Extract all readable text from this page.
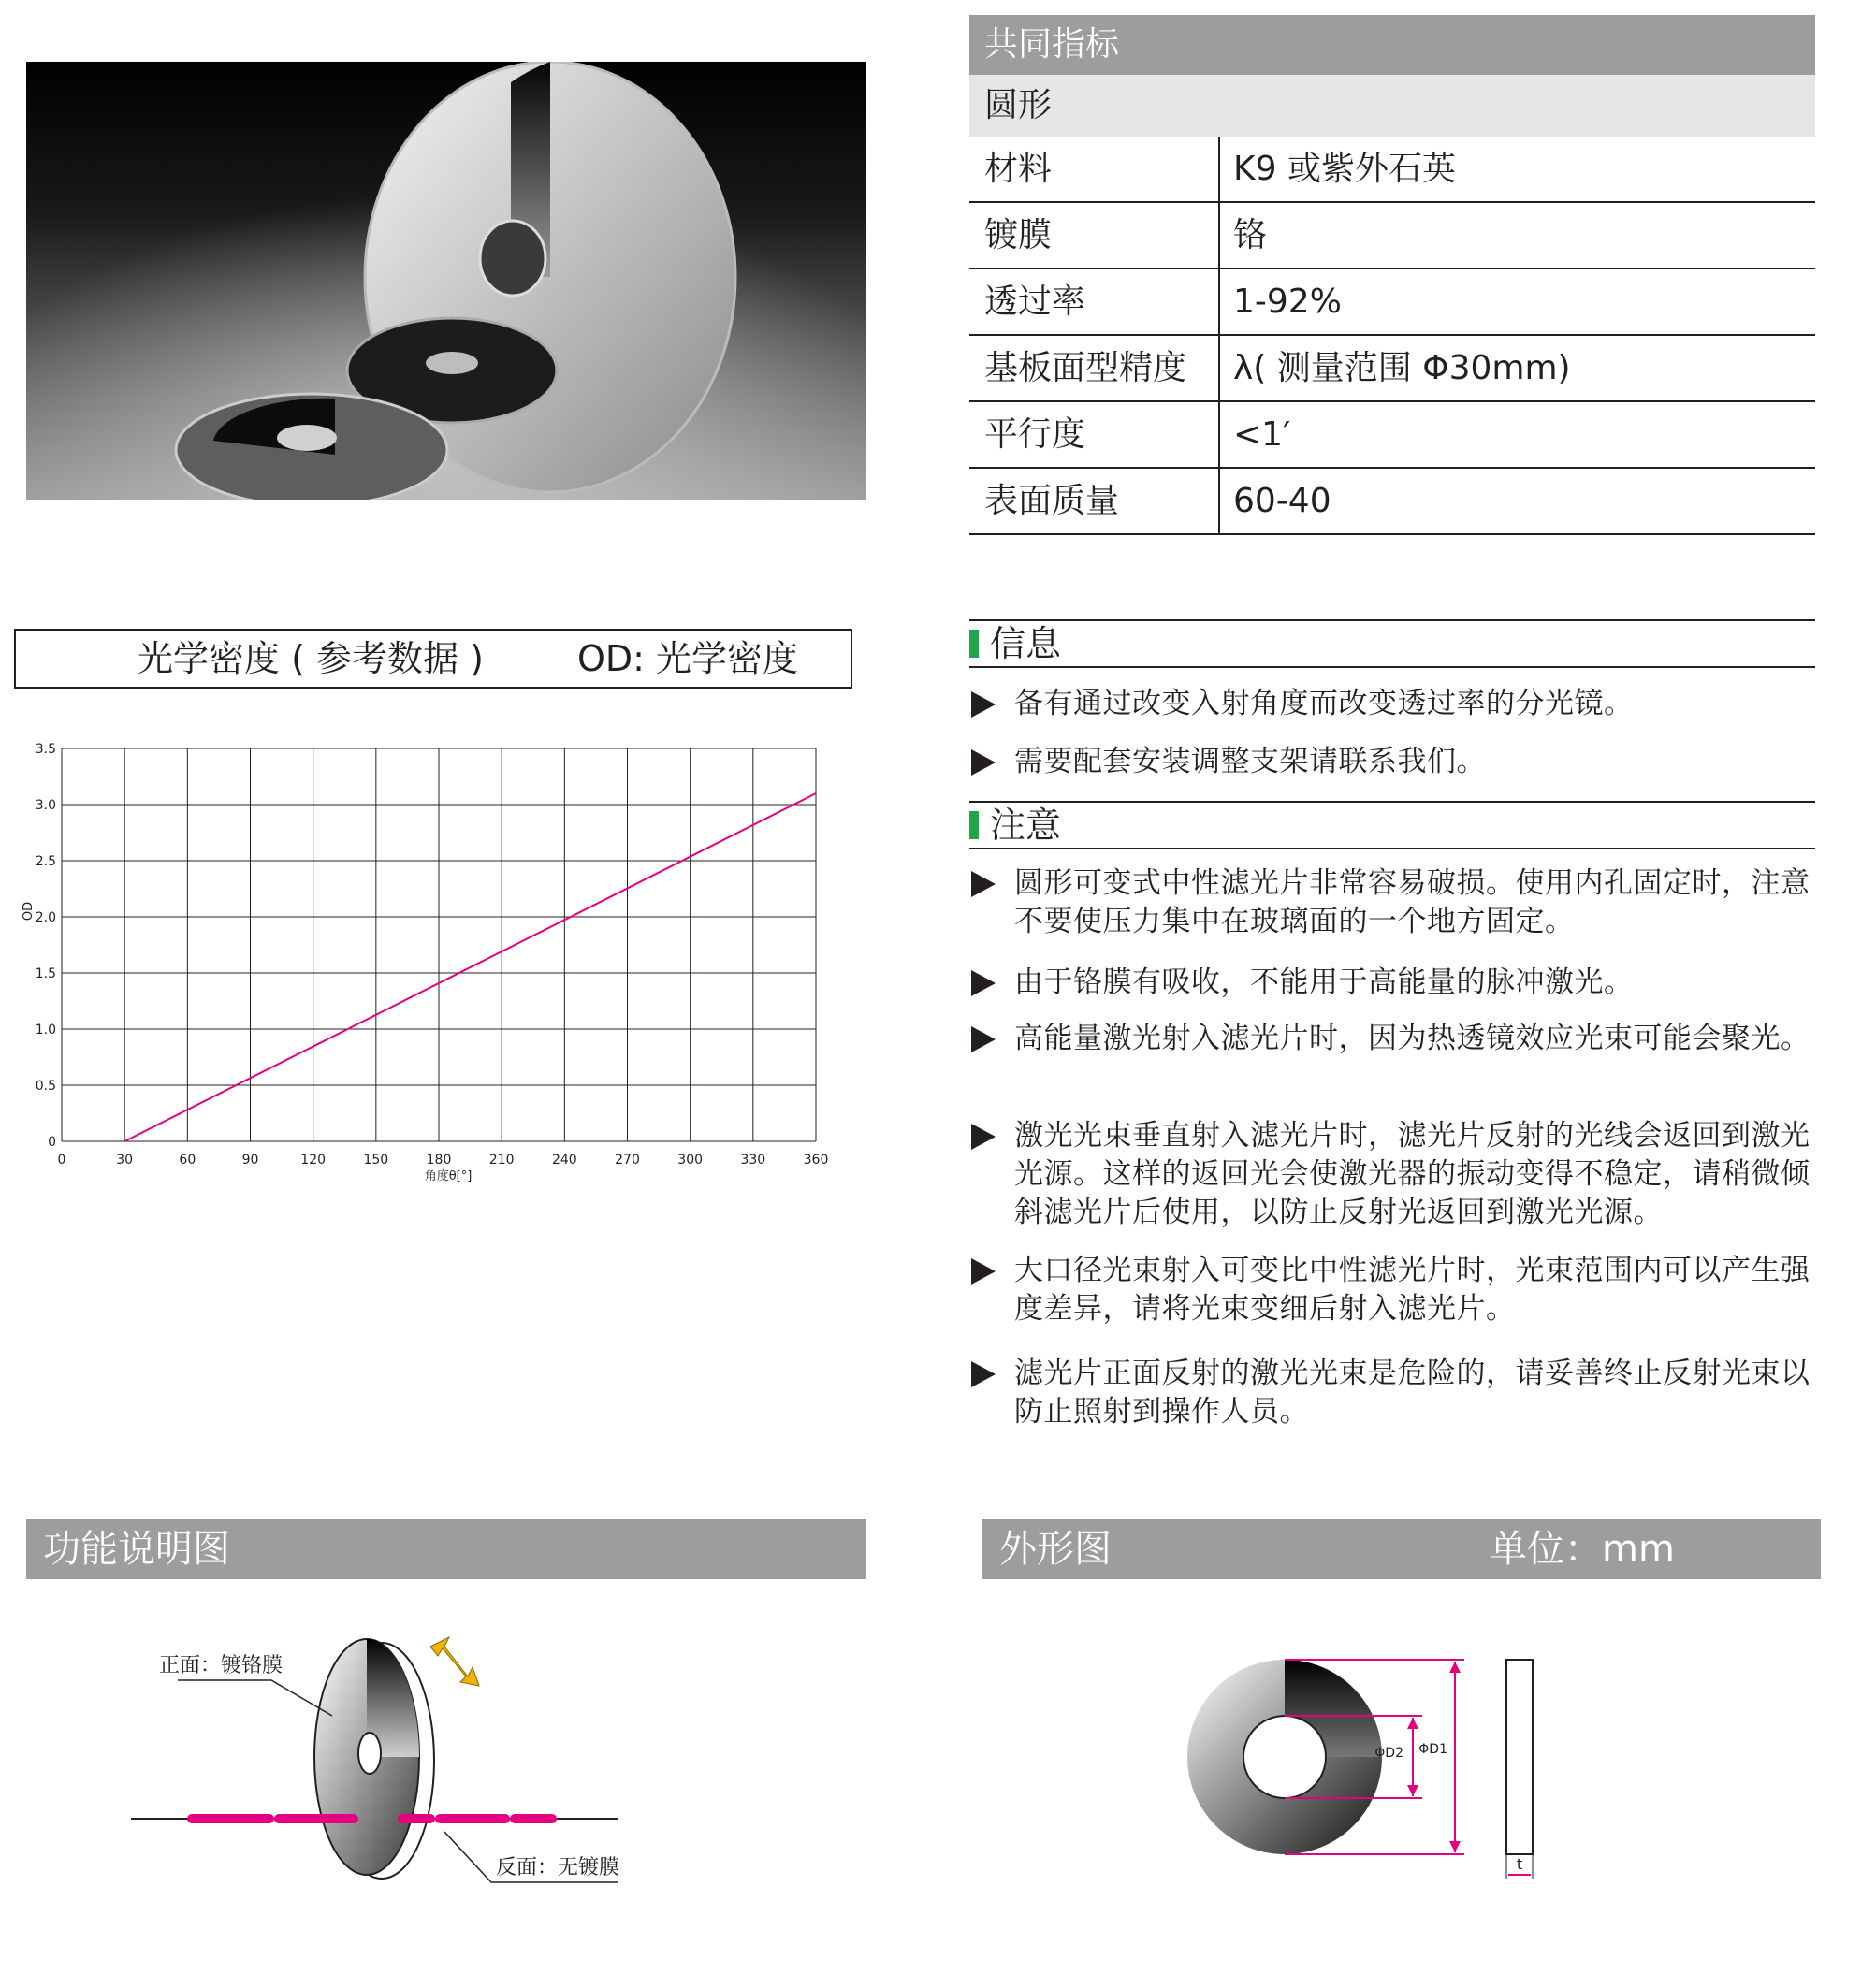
共同指标
圆形
材料	K9 或紫外石英
镀膜	铬
透过率	1-92%
基板面型精度	λ( 测量范围 Φ30mm)
平行度	<1′
表面质量	60-40
光学密度 ( 参考数据 )	OD: 光学密度
0	30	60	90	120	150	180	210	240	270	300	330	360
0
0.5
1.0
1.5
2.0
2.5
3.0
3.5
角度θ[°]
OD
信息
备有通过改变入射角度而改变透过率的分光镜。
需要配套安装调整支架请联系我们。
注意
圆形可变式中性滤光片非常容易破损。使用内孔固定时，注意不要使压力集中在玻璃面的一个地方固定。
由于铬膜有吸收，不能用于高能量的脉冲激光。
高能量激光射入滤光片时，因为热透镜效应光束可能会聚光。
激光光束垂直射入滤光片时，滤光片反射的光线会返回到激光光源。这样的返回光会使激光器的振动变得不稳定，请稍微倾斜滤光片后使用，以防止反射光返回到激光光源。
大口径光束射入可变比中性滤光片时，光束范围内可以产生强度差异，请将光束变细后射入滤光片。
滤光片正面反射的激光光束是危险的，请妥善终止反射光束以防止照射到操作人员。
功能说明图	外形图	单位：mm
正面：镀铬膜
反面：无镀膜
ΦD2 ΦD1
t
